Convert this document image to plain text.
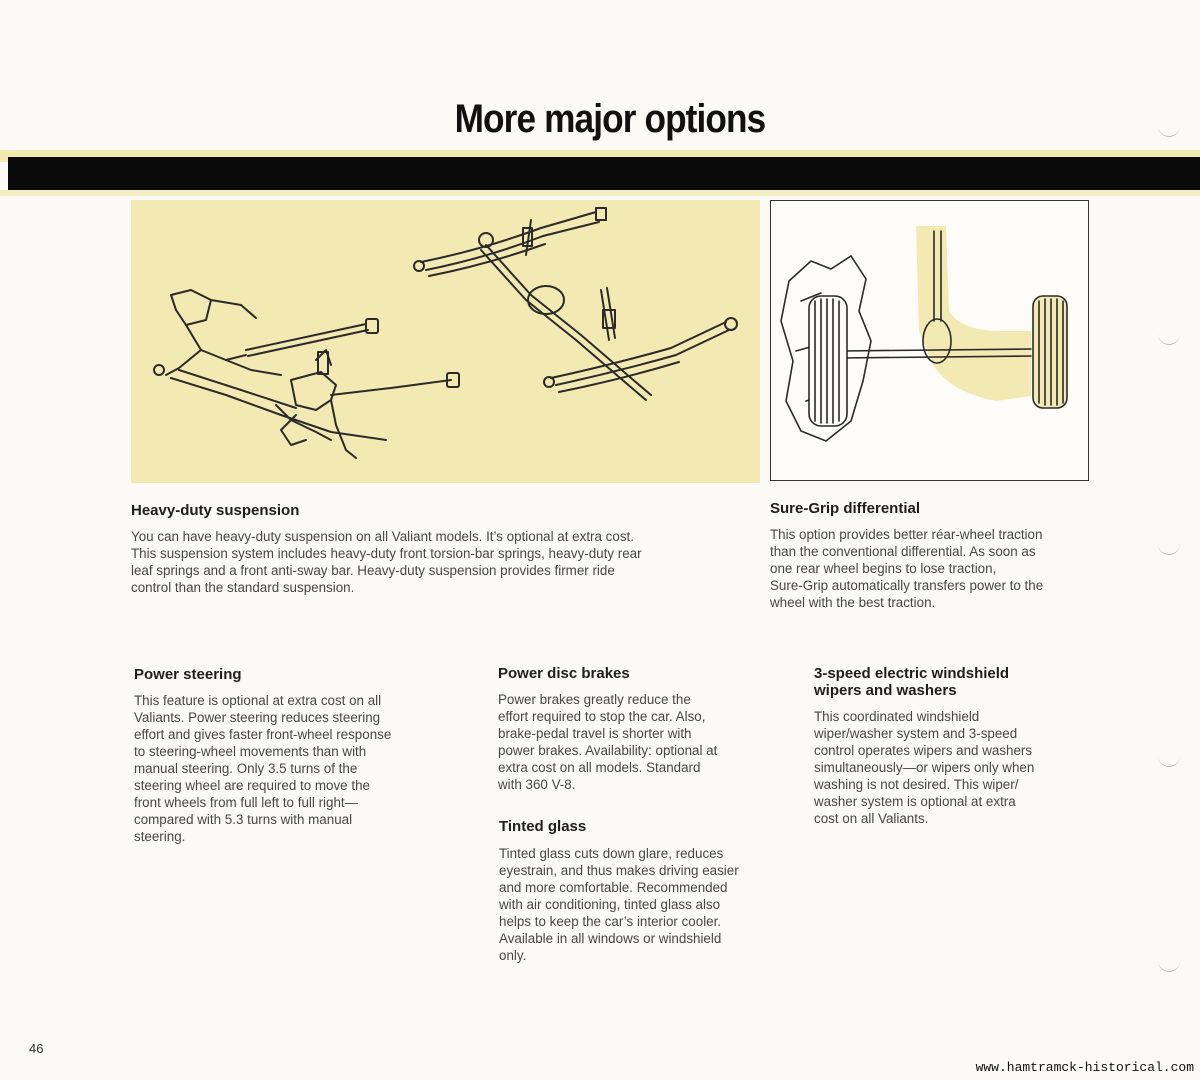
More major options
Heavy-duty suspension

You can have heavy-duty suspension on all Valiant models. It’s optional at extra cost.
This suspension system includes heavy-duty front torsion-bar springs, heavy-duty rear
leaf springs and a front anti-sway bar. Heavy-duty suspension provides firmer ride
control than the standard suspension.

Sure-Grip differential

This option provides better réar-wheel traction
than the conventional differential. As soon as
one rear wheel begins to lose traction,
Sure-Grip automatically transfers power to the
wheel with the best traction.

Power steering

This feature is optional at extra cost on all
Valiants. Power steering reduces steering
effort and gives faster front-wheel response
to steering-wheel movements than with
manual steering. Only 3.5 turns of the
steering wheel are required to move the
front wheels from full left to full right—
compared with 5.3 turns with manual
steering.

Power disc brakes

Power brakes greatly reduce the
effort required to stop the car. Also,
brake-pedal travel is shorter with
power brakes. Availability: optional at
extra cost on all models. Standard
with 360 V-8.

Tinted glass

Tinted glass cuts down glare, reduces
eyestrain, and thus makes driving easier
and more comfortable. Recommended
with air conditioning, tinted glass also
helps to keep the car’s interior cooler.
Available in all windows or windshield
only.

3-speed electric windshield
wipers and washers

This coordinated windshield
wiper/washer system and 3-speed
control operates wipers and washers
simultaneously—or wipers only when
washing is not desired. This wiper/
washer system is optional at extra
cost on all Valiants.

46
www.hamtramck-historical.com
